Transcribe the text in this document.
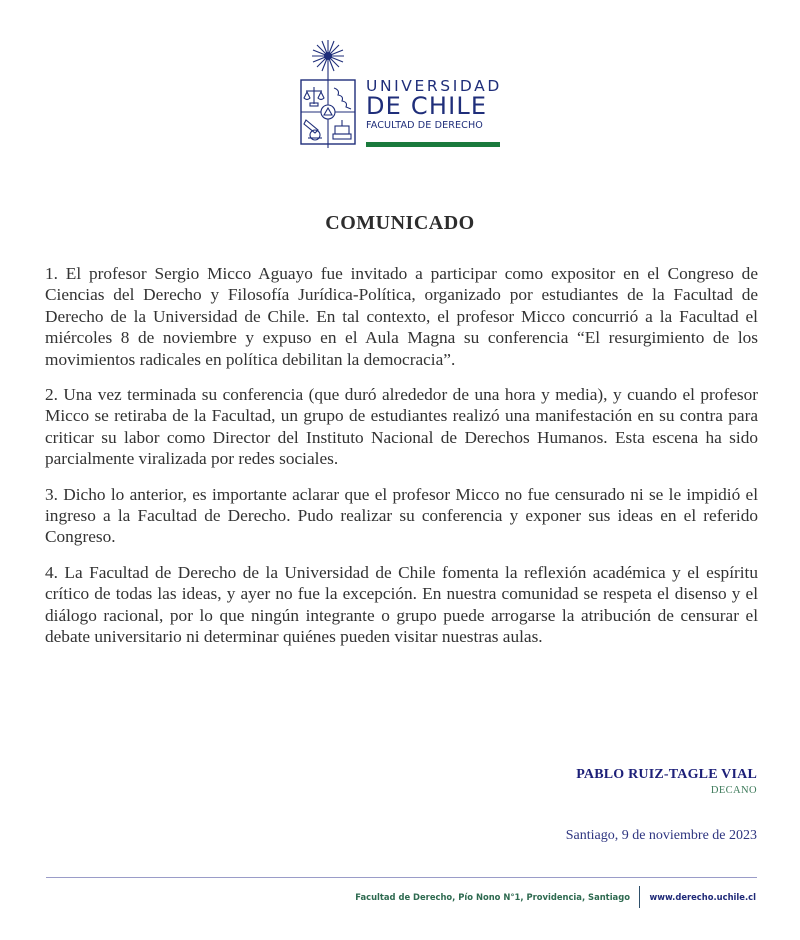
UNIVERSIDAD
DE CHILE
FACULTAD DE DERECHO
COMUNICADO

1. El profesor Sergio Micco Aguayo fue invitado a participar como expositor en el Congreso de Ciencias del Derecho y Filosofía Jurídica-Política, organizado por estudiantes de la Facultad de Derecho de la Universidad de Chile. En tal contexto, el profesor Micco concurrió a la Facultad el miércoles 8 de noviembre y expuso en el Aula Magna su conferencia “El resurgimiento de los movimientos radicales en política debilitan la democracia”.

2. Una vez terminada su conferencia (que duró alrededor de una hora y media), y cuando el profesor Micco se retiraba de la Facultad, un grupo de estudiantes realizó una manifestación en su contra para criticar su labor como Director del Instituto Nacional de Derechos Humanos. Esta escena ha sido parcialmente viralizada por redes sociales.

3. Dicho lo anterior, es importante aclarar que el profesor Micco no fue censurado ni se le impidió el ingreso a la Facultad de Derecho. Pudo realizar su conferencia y exponer sus ideas en el referido Congreso.

4. La Facultad de Derecho de la Universidad de Chile fomenta la reflexión académica y el espíritu crítico de todas las ideas, y ayer no fue la excepción. En nuestra comunidad se respeta el disenso y el diálogo racional, por lo que ningún integrante o grupo puede arrogarse la atribución de censurar el debate universitario ni determinar quiénes pueden visitar nuestras aulas.

PABLO RUIZ-TAGLE VIAL
DECANO
Santiago, 9 de noviembre de 2023
Facultad de Derecho, Pío Nono N°1, Providencia, Santiago www.derecho.uchile.cl
